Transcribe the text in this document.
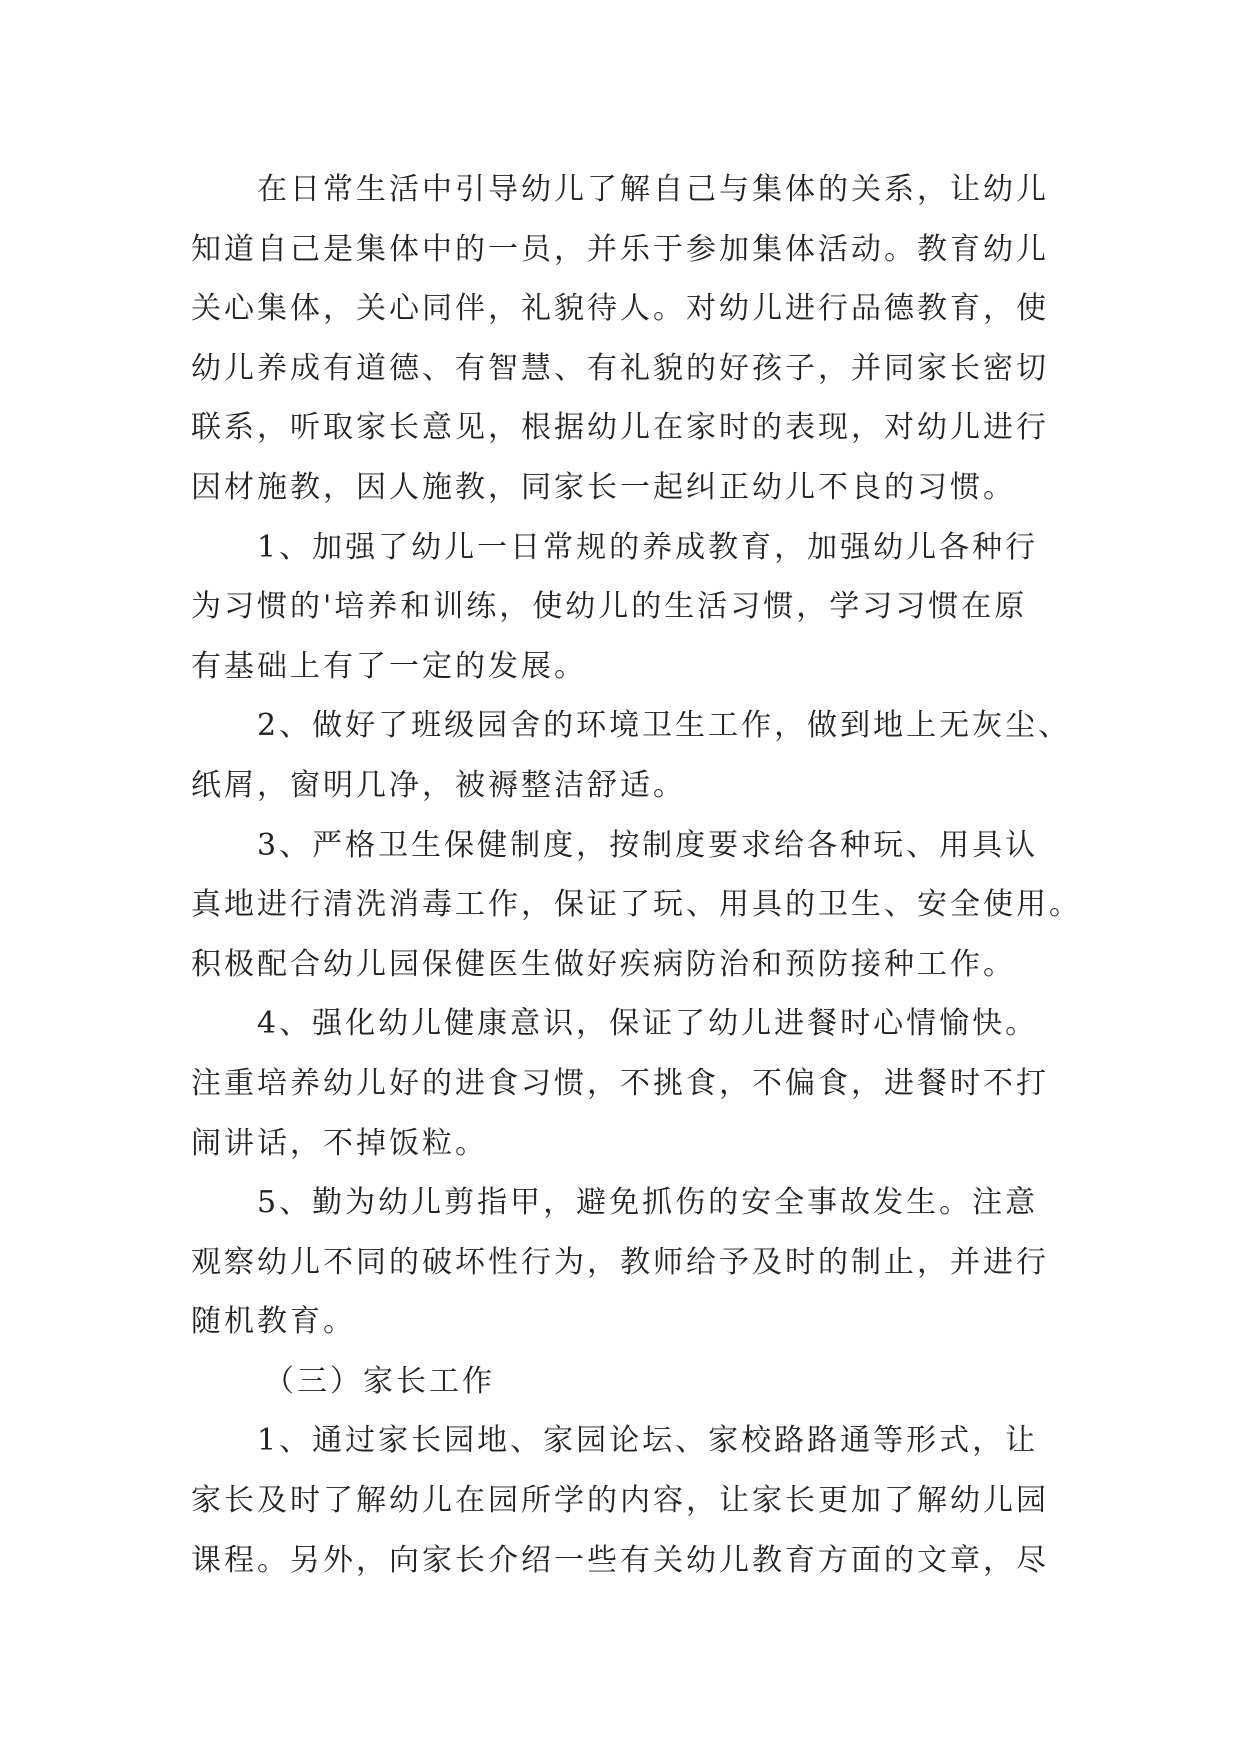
在日常生活中引导幼儿了解自己与集体的关系，让幼儿
知道自己是集体中的一员，并乐于参加集体活动。教育幼儿
关心集体，关心同伴，礼貌待人。对幼儿进行品德教育，使
幼儿养成有道德、有智慧、有礼貌的好孩子，并同家长密切
联系，听取家长意见，根据幼儿在家时的表现，对幼儿进行
因材施教，因人施教，同家长一起纠正幼儿不良的习惯。
1、加强了幼儿一日常规的养成教育，加强幼儿各种行
为习惯的'培养和训练，使幼儿的生活习惯，学习习惯在原
有基础上有了一定的发展。
2、做好了班级园舍的环境卫生工作，做到地上无灰尘、
纸屑，窗明几净，被褥整洁舒适。
3、严格卫生保健制度，按制度要求给各种玩、用具认
真地进行清洗消毒工作，保证了玩、用具的卫生、安全使用。
积极配合幼儿园保健医生做好疾病防治和预防接种工作。
4、强化幼儿健康意识，保证了幼儿进餐时心情愉快。
注重培养幼儿好的进食习惯，不挑食，不偏食，进餐时不打
闹讲话，不掉饭粒。
5、勤为幼儿剪指甲，避免抓伤的安全事故发生。注意
观察幼儿不同的破坏性行为，教师给予及时的制止，并进行
随机教育。
（三）家长工作
1、通过家长园地、家园论坛、家校路路通等形式，让
家长及时了解幼儿在园所学的内容，让家长更加了解幼儿园
课程。另外，向家长介绍一些有关幼儿教育方面的文章，尽
